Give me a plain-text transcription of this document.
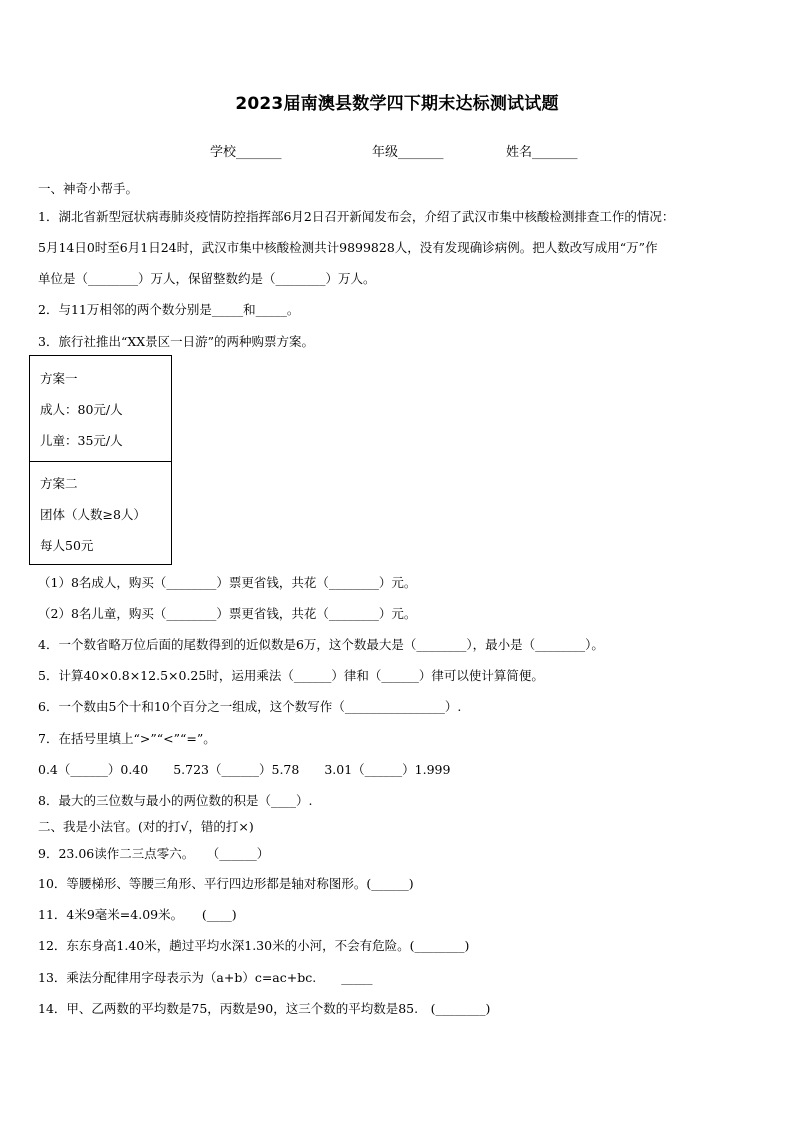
2023届南澳县数学四下期末达标测试试题
学校_______	年级_______	姓名_______
一、神奇小帮手。
1．湖北省新型冠状病毒肺炎疫情防控指挥部6月2日召开新闻发布会，介绍了武汉市集中核酸检测排查工作的情况：
5月14日0时至6月1日24时，武汉市集中核酸检测共计9899828人，没有发现确诊病例。把人数改写成用“万”作
单位是（________）万人，保留整数约是（________）万人。
2．与11万相邻的两个数分别是_____和_____。
3．旅行社推出“XX景区一日游”的两种购票方案。
方案一
成人：80元/人
儿童：35元/人
方案二
团体（人数≥8人）
每人50元
（1）8名成人，购买（________）票更省钱，共花（________）元。
（2）8名儿童，购买（________）票更省钱，共花（________）元。
4．一个数省略万位后面的尾数得到的近似数是6万，这个数最大是（________），最小是（________）。
5．计算40×0.8×12.5×0.25时，运用乘法（______）律和（______）律可以使计算简便。
6．一个数由5个十和10个百分之一组成，这个数写作（________________）.
7．在括号里填上“>”“<”“=”。
0.4（______）0.40　　5.723（______）5.78　　3.01（______）1.999
8．最大的三位数与最小的两位数的积是（____）.
二、我是小法官。(对的打√，错的打×)
9．23.06读作二三点零六。　　（______）
10．等腰梯形、等腰三角形、平行四边形都是轴对称图形。(______)
11．4米9毫米=4.09米。　　(____)
12．东东身高1.40米，趟过平均水深1.30米的小河，不会有危险。(________)
13．乘法分配律用字母表示为（a+b）c=ac+bc.　　_____
14．甲、乙两数的平均数是75，丙数是90，这三个数的平均数是85.　(________)
